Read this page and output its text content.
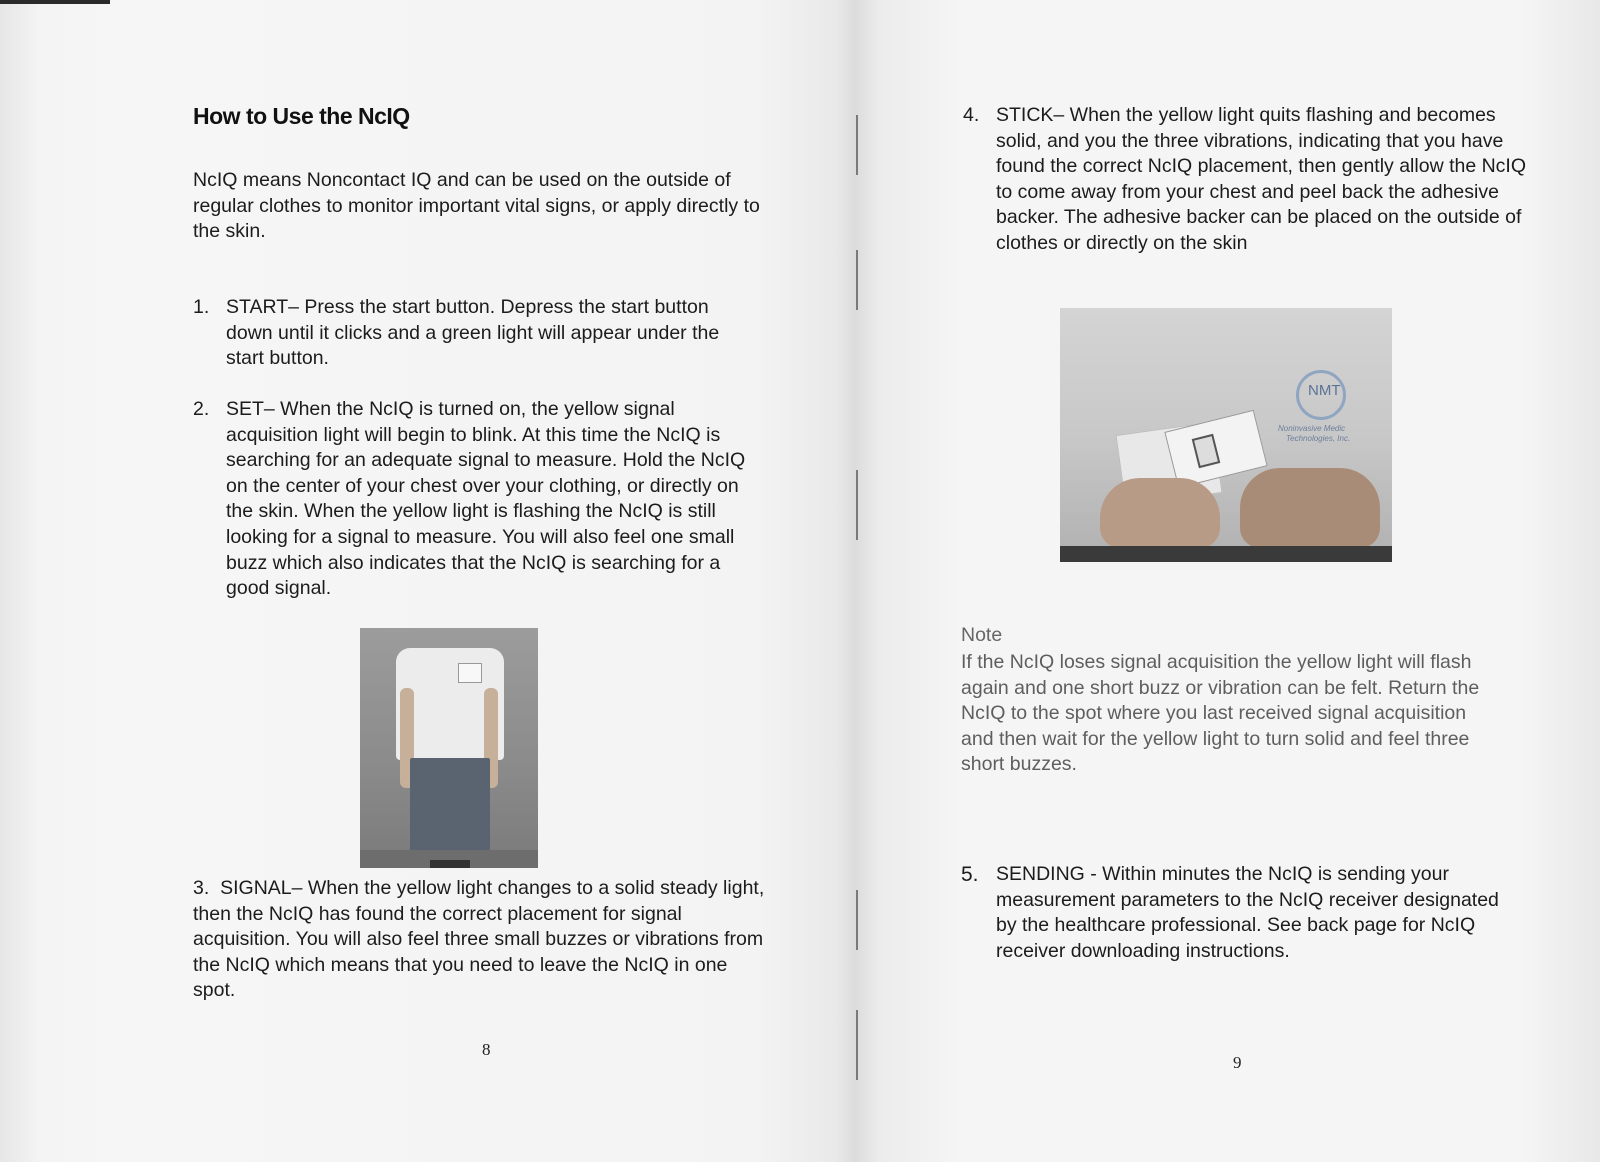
How to Use the NcIQ
NcIQ means Noncontact IQ and can be used on the outside of regular clothes to monitor important vital signs, or apply directly to the skin.
1. START– Press the start button. Depress the start button down until it clicks and a green light will appear under the start button.
2. SET– When the NcIQ is turned on, the yellow signal acquisition light will begin to blink. At this time the NcIQ is searching for an adequate signal to measure. Hold the NcIQ on the center of your chest over your clothing, or directly on the skin. When the yellow light is flashing the NcIQ is still looking for a signal to measure. You will also feel one small buzz which also indicates that the NcIQ is searching for a good signal.
3. SIGNAL– When the yellow light changes to a solid steady light, then the NcIQ has found the correct placement for signal acquisition. You will also feel three small buzzes or vibrations from the NcIQ which means that you need to leave the NcIQ in one spot.
8
4. STICK– When the yellow light quits flashing and becomes solid, and you the three vibrations, indicating that you have found the correct NcIQ placement, then gently allow the NcIQ to come away from your chest and peel back the adhesive backer. The adhesive backer can be placed on the outside of clothes or directly on the skin
NMT
Noninvasive Medic
Technologies, Inc.
Note
If the NcIQ loses signal acquisition the yellow light will flash again and one short buzz or vibration can be felt. Return the NcIQ to the spot where you last received signal acquisition and then wait for the yellow light to turn solid and feel three short buzzes.
5. SENDING - Within minutes the NcIQ is sending your measurement parameters to the NcIQ receiver designated by the healthcare professional. See back page for NcIQ receiver downloading instructions.
9
